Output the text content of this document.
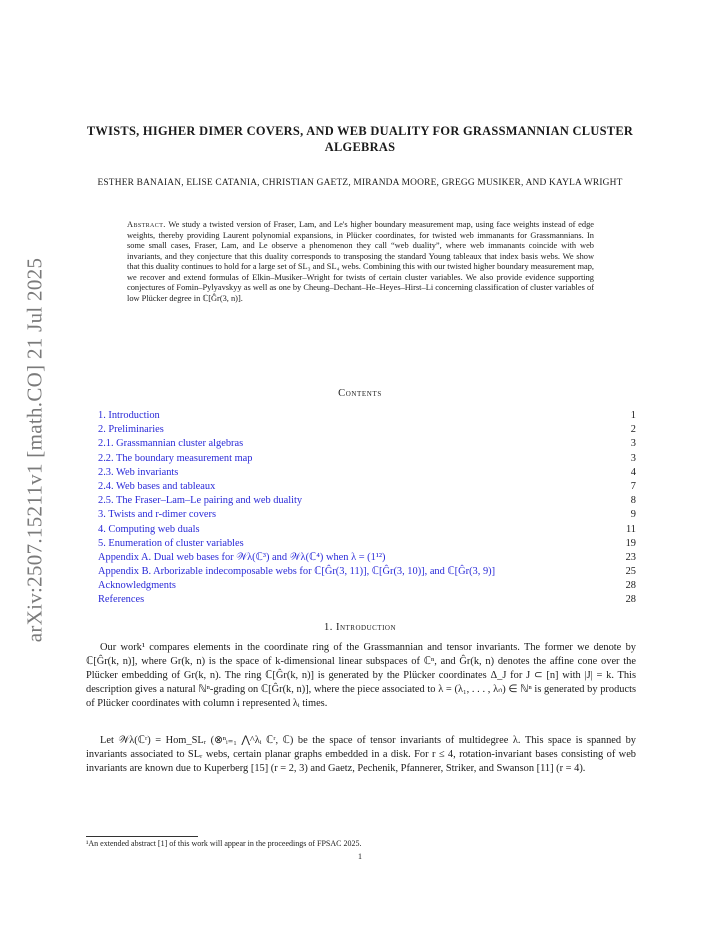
arXiv:2507.15211v1 [math.CO] 21 Jul 2025
TWISTS, HIGHER DIMER COVERS, AND WEB DUALITY FOR GRASSMANNIAN CLUSTER ALGEBRAS
ESTHER BANAIAN, ELISE CATANIA, CHRISTIAN GAETZ, MIRANDA MOORE, GREGG MUSIKER, AND KAYLA WRIGHT
Abstract. We study a twisted version of Fraser, Lam, and Le's higher boundary measurement map, using face weights instead of edge weights, thereby providing Laurent polynomial expansions, in Plücker coordinates, for twisted web immanants for Grassmannians. In some small cases, Fraser, Lam, and Le observe a phenomenon they call “web duality”, where web immanants coincide with web invariants, and they conjecture that this duality corresponds to transposing the standard Young tableaux that index basis webs. We show that this duality continues to hold for a large set of SL₃ and SL₄ webs. Combining this with our twisted higher boundary measurement map, we recover and extend formulas of Elkin–Musiker–Wright for twists of certain cluster variables. We also provide evidence supporting conjectures of Fomin–Pylyavskyy as well as one by Cheung–Dechant–He–Heyes–Hirst–Li concerning classification of cluster variables of low Plücker degree in ℂ[Ĝr(3, n)].
Contents
1. Introduction	1
2. Preliminaries	2
2.1. Grassmannian cluster algebras	3
2.2. The boundary measurement map	3
2.3. Web invariants	4
2.4. Web bases and tableaux	7
2.5. The Fraser–Lam–Le pairing and web duality	8
3. Twists and r-dimer covers	9
4. Computing web duals	11
5. Enumeration of cluster variables	19
Appendix A. Dual web bases for 𝒲λ(ℂ³) and 𝒲λ(ℂ⁴) when λ = (1¹²)	23
Appendix B. Arborizable indecomposable webs for ℂ[Ĝr(3, 11)], ℂ[Ĝr(3, 10)], and ℂ[Ĝr(3, 9)]	25
Acknowledgments	28
References	28
1. Introduction
Our work¹ compares elements in the coordinate ring of the Grassmannian and tensor invariants. The former we denote by ℂ[Ĝr(k, n)], where Gr(k, n) is the space of k-dimensional linear subspaces of ℂⁿ, and Ĝr(k, n) denotes the affine cone over the Plücker embedding of Gr(k, n). The ring ℂ[Ĝr(k, n)] is generated by the Plücker coordinates Δ_J for J ⊂ [n] with |J| = k. This description gives a natural ℕⁿ-grading on ℂ[Ĝr(k, n)], where the piece associated to λ = (λ₁, . . . , λₙ) ∈ ℕⁿ is generated by products of Plücker coordinates with column i represented λᵢ times.
Let 𝒲λ(ℂʳ) = Hom_SLᵣ (⊗ⁿᵢ₌₁ ⋀^λᵢ ℂʳ, ℂ) be the space of tensor invariants of multidegree λ. This space is spanned by invariants associated to SLᵣ webs, certain planar graphs embedded in a disk. For r ≤ 4, rotation-invariant bases consisting of web invariants are known due to Kuperberg [15] (r = 2, 3) and Gaetz, Pechenik, Pfannerer, Striker, and Swanson [11] (r = 4).
¹An extended abstract [1] of this work will appear in the proceedings of FPSAC 2025.
1
